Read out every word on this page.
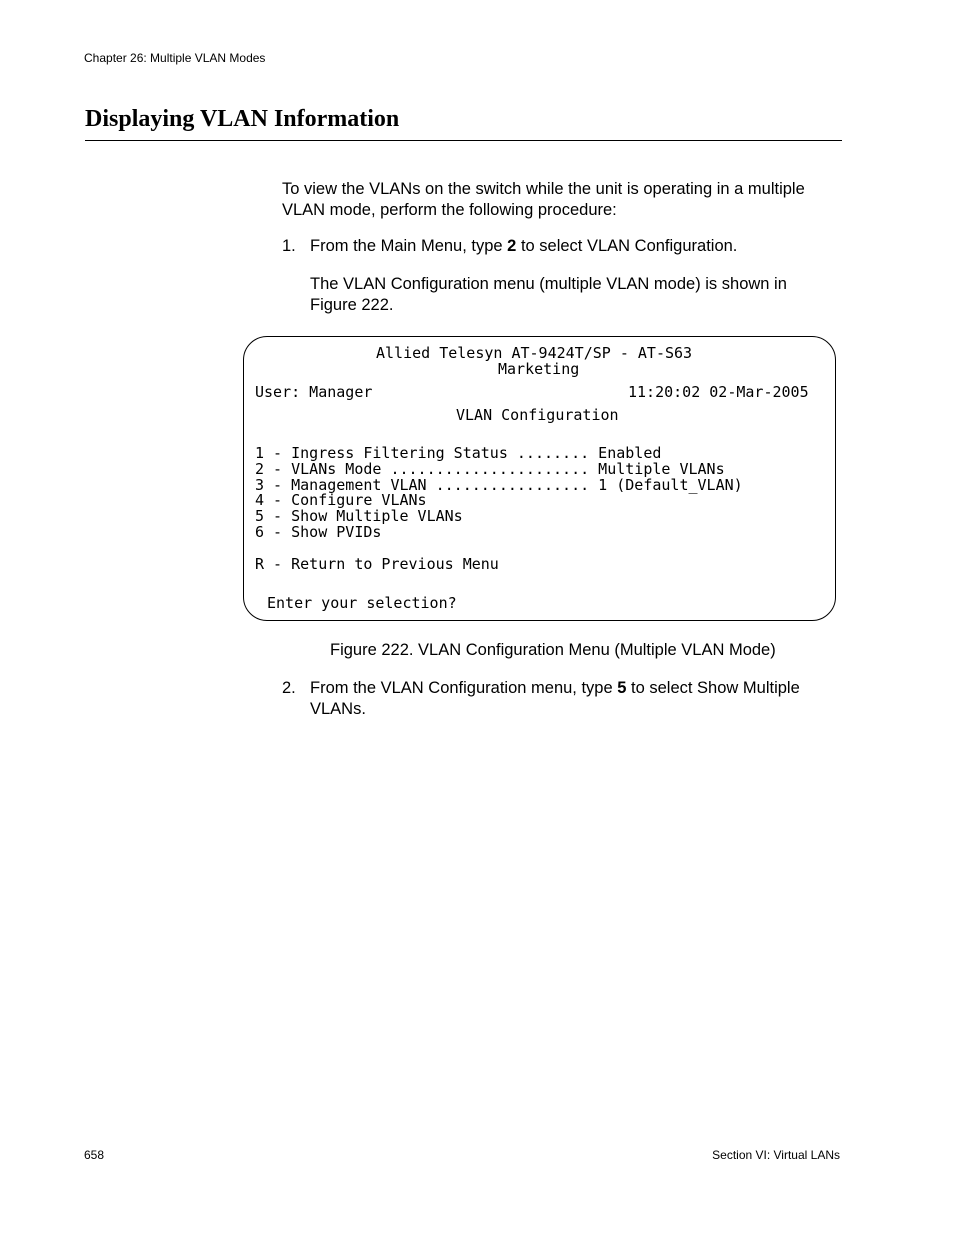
Chapter 26: Multiple VLAN Modes
Displaying VLAN Information
To view the VLANs on the switch while the unit is operating in a multiple VLAN mode, perform the following procedure:
1. From the Main Menu, type 2 to select VLAN Configuration.
The VLAN Configuration menu (multiple VLAN mode) is shown in Figure 222.
Allied Telesyn AT-9424T/SP - AT-S63
Marketing
User: Manager	11:20:02 02-Mar-2005
VLAN Configuration
1 - Ingress Filtering Status ........ Enabled
2 - VLANs Mode ...................... Multiple VLANs
3 - Management VLAN ................. 1 (Default_VLAN)
4 - Configure VLANs
5 - Show Multiple VLANs
6 - Show PVIDs
R - Return to Previous Menu
Enter your selection?
Figure 222. VLAN Configuration Menu (Multiple VLAN Mode)
2. From the VLAN Configuration menu, type 5 to select Show Multiple VLANs.
658	Section VI: Virtual LANs
